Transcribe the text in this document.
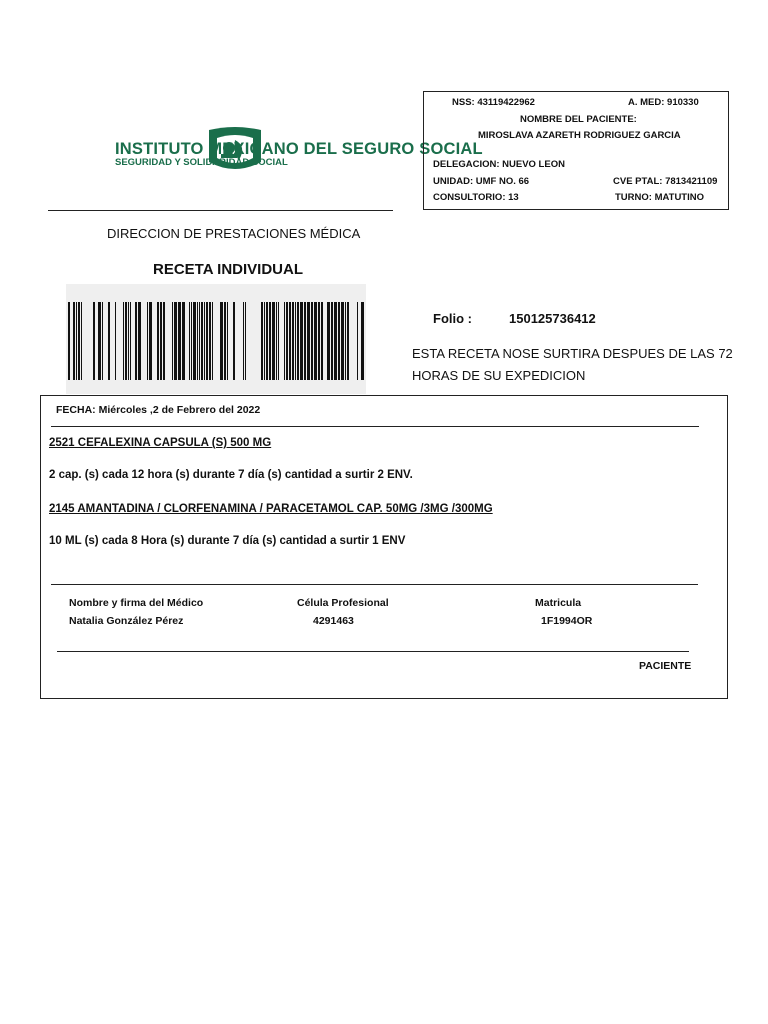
INSTITUTO MEXICANO DEL SEGURO SOCIAL
SEGURIDAD Y SOLIDARIDAD SOCIAL
NSS: 43119422962	A. MED: 910330
NOMBRE DEL PACIENTE:
MIROSLAVA AZARETH RODRIGUEZ GARCIA
DELEGACION: NUEVO LEON
UNIDAD: UMF NO. 66	CVE PTAL: 7813421109
CONSULTORIO: 13	TURNO: MATUTINO
DIRECCION DE PRESTACIONES MÉDICA
RECETA INDIVIDUAL
Folio :	150125736412
ESTA RECETA NOSE SURTIRA DESPUES DE LAS 72
HORAS DE SU EXPEDICION
FECHA: Miércoles ,2 de Febrero del 2022
2521 CEFALEXINA CAPSULA (S) 500 MG
2 cap. (s) cada 12 hora (s) durante 7 día (s) cantidad a surtir 2 ENV.
2145 AMANTADINA / CLORFENAMINA / PARACETAMOL CAP. 50MG /3MG /300MG
10 ML (s) cada 8 Hora (s) durante 7 día (s) cantidad a surtir 1 ENV
Nombre y firma del Médico	Célula Profesional	Matricula
Natalia González Pérez	4291463	1F1994OR
PACIENTE
